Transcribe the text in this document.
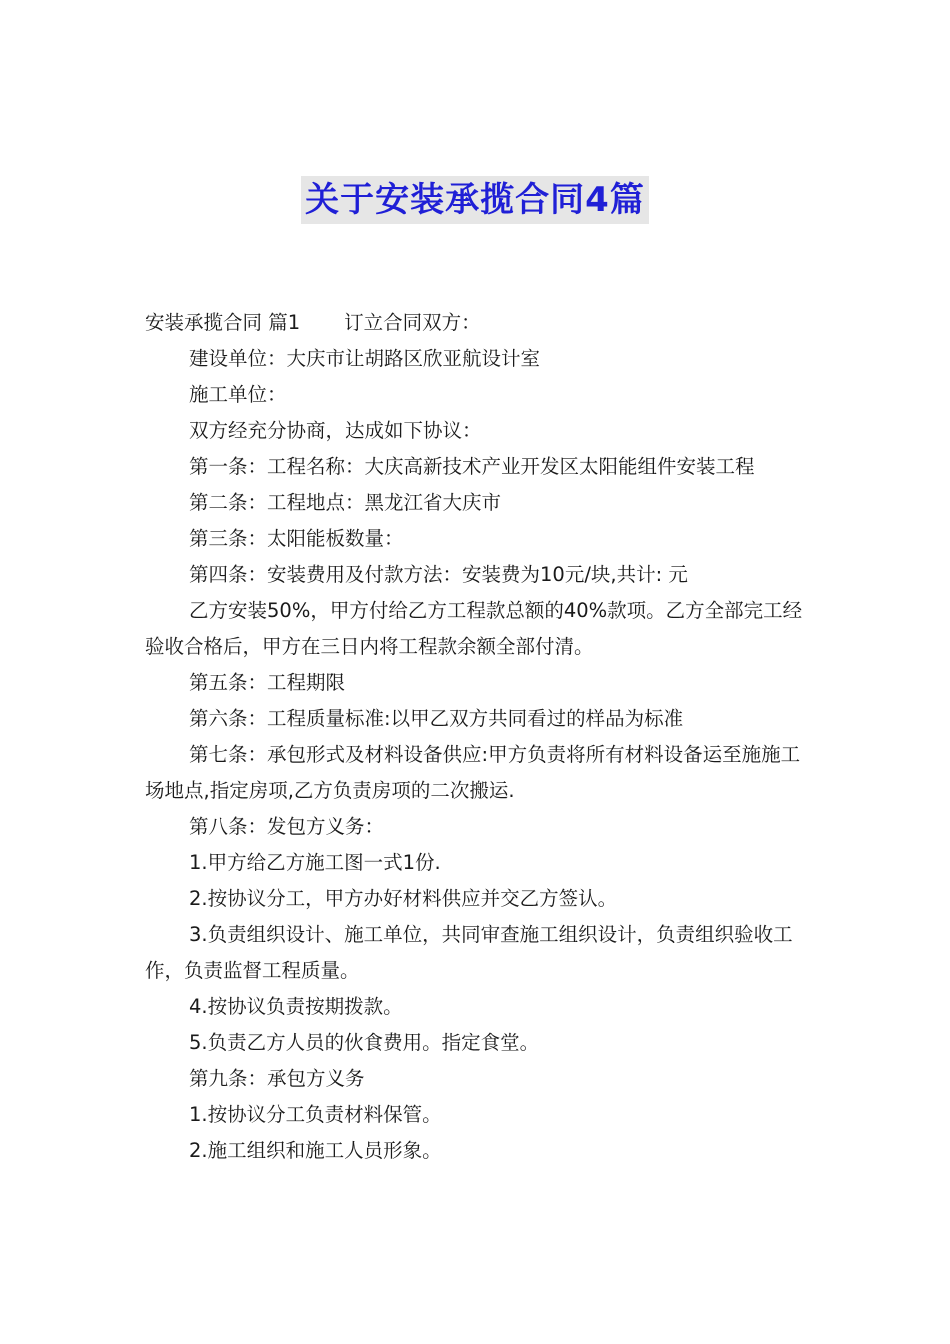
关于安装承揽合同4篇

安装承揽合同 篇1 订立合同双方：

建设单位：大庆市让胡路区欣亚航设计室

施工单位：

双方经充分协商，达成如下协议：

第一条：工程名称：大庆高新技术产业开发区太阳能组件安装工程

第二条：工程地点：黑龙江省大庆市

第三条：太阳能板数量：

第四条：安装费用及付款方法：安装费为10元/块,共计: 元

乙方安装50%，甲方付给乙方工程款总额的40%款项。乙方全部完工经验收合格后，甲方在三日内将工程款余额全部付清。

第五条：工程期限

第六条：工程质量标准:以甲乙双方共同看过的样品为标准

第七条：承包形式及材料设备供应:甲方负责将所有材料设备运至施施工场地点,指定房项,乙方负责房项的二次搬运.

第八条：发包方义务：

1.甲方给乙方施工图一式1份.

2.按协议分工，甲方办好材料供应并交乙方签认。

3.负责组织设计、施工单位，共同审查施工组织设计，负责组织验收工作，负责监督工程质量。

4.按协议负责按期拨款。

5.负责乙方人员的伙食费用。指定食堂。

第九条：承包方义务

1.按协议分工负责材料保管。

2.施工组织和施工人员形象。
